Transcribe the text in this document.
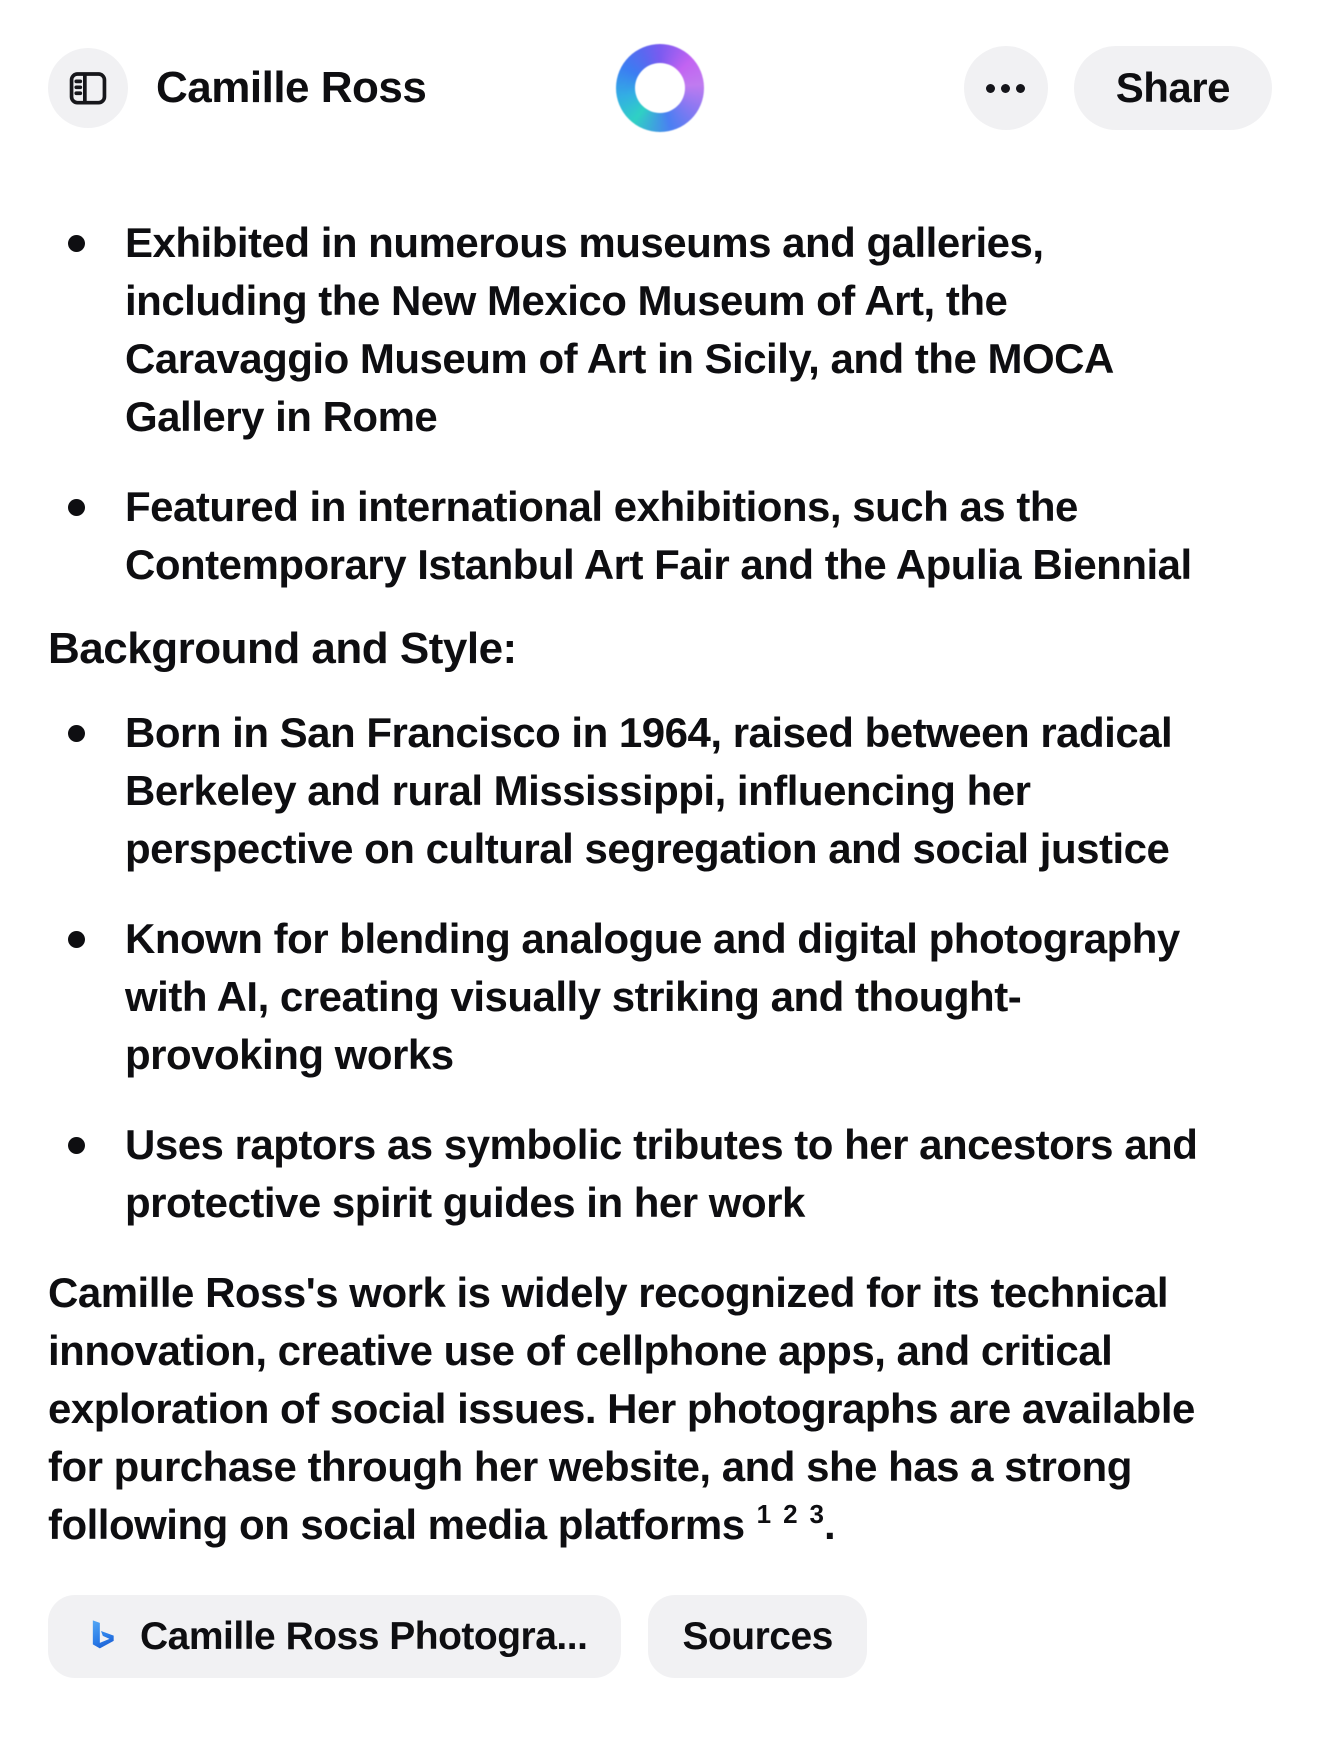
Camille Ross	Share
Exhibited in numerous museums and galleries, including the New Mexico Museum of Art, the Caravaggio Museum of Art in Sicily, and the MOCA Gallery in Rome
Featured in international exhibitions, such as the Contemporary Istanbul Art Fair and the Apulia Biennial
Background and Style:
Born in San Francisco in 1964, raised between radical Berkeley and rural Mississippi, influencing her perspective on cultural segregation and social justice
Known for blending analogue and digital photography with AI, creating visually striking and thought-provoking works
Uses raptors as symbolic tributes to her ancestors and protective spirit guides in her work

Camille Ross's work is widely recognized for its technical innovation, creative use of cellphone apps, and critical exploration of social issues. Her photographs are available for purchase through her website, and she has a strong following on social media platforms $^1$ $^2$ $^3$.

Camille Ross Photogra...	Sources
